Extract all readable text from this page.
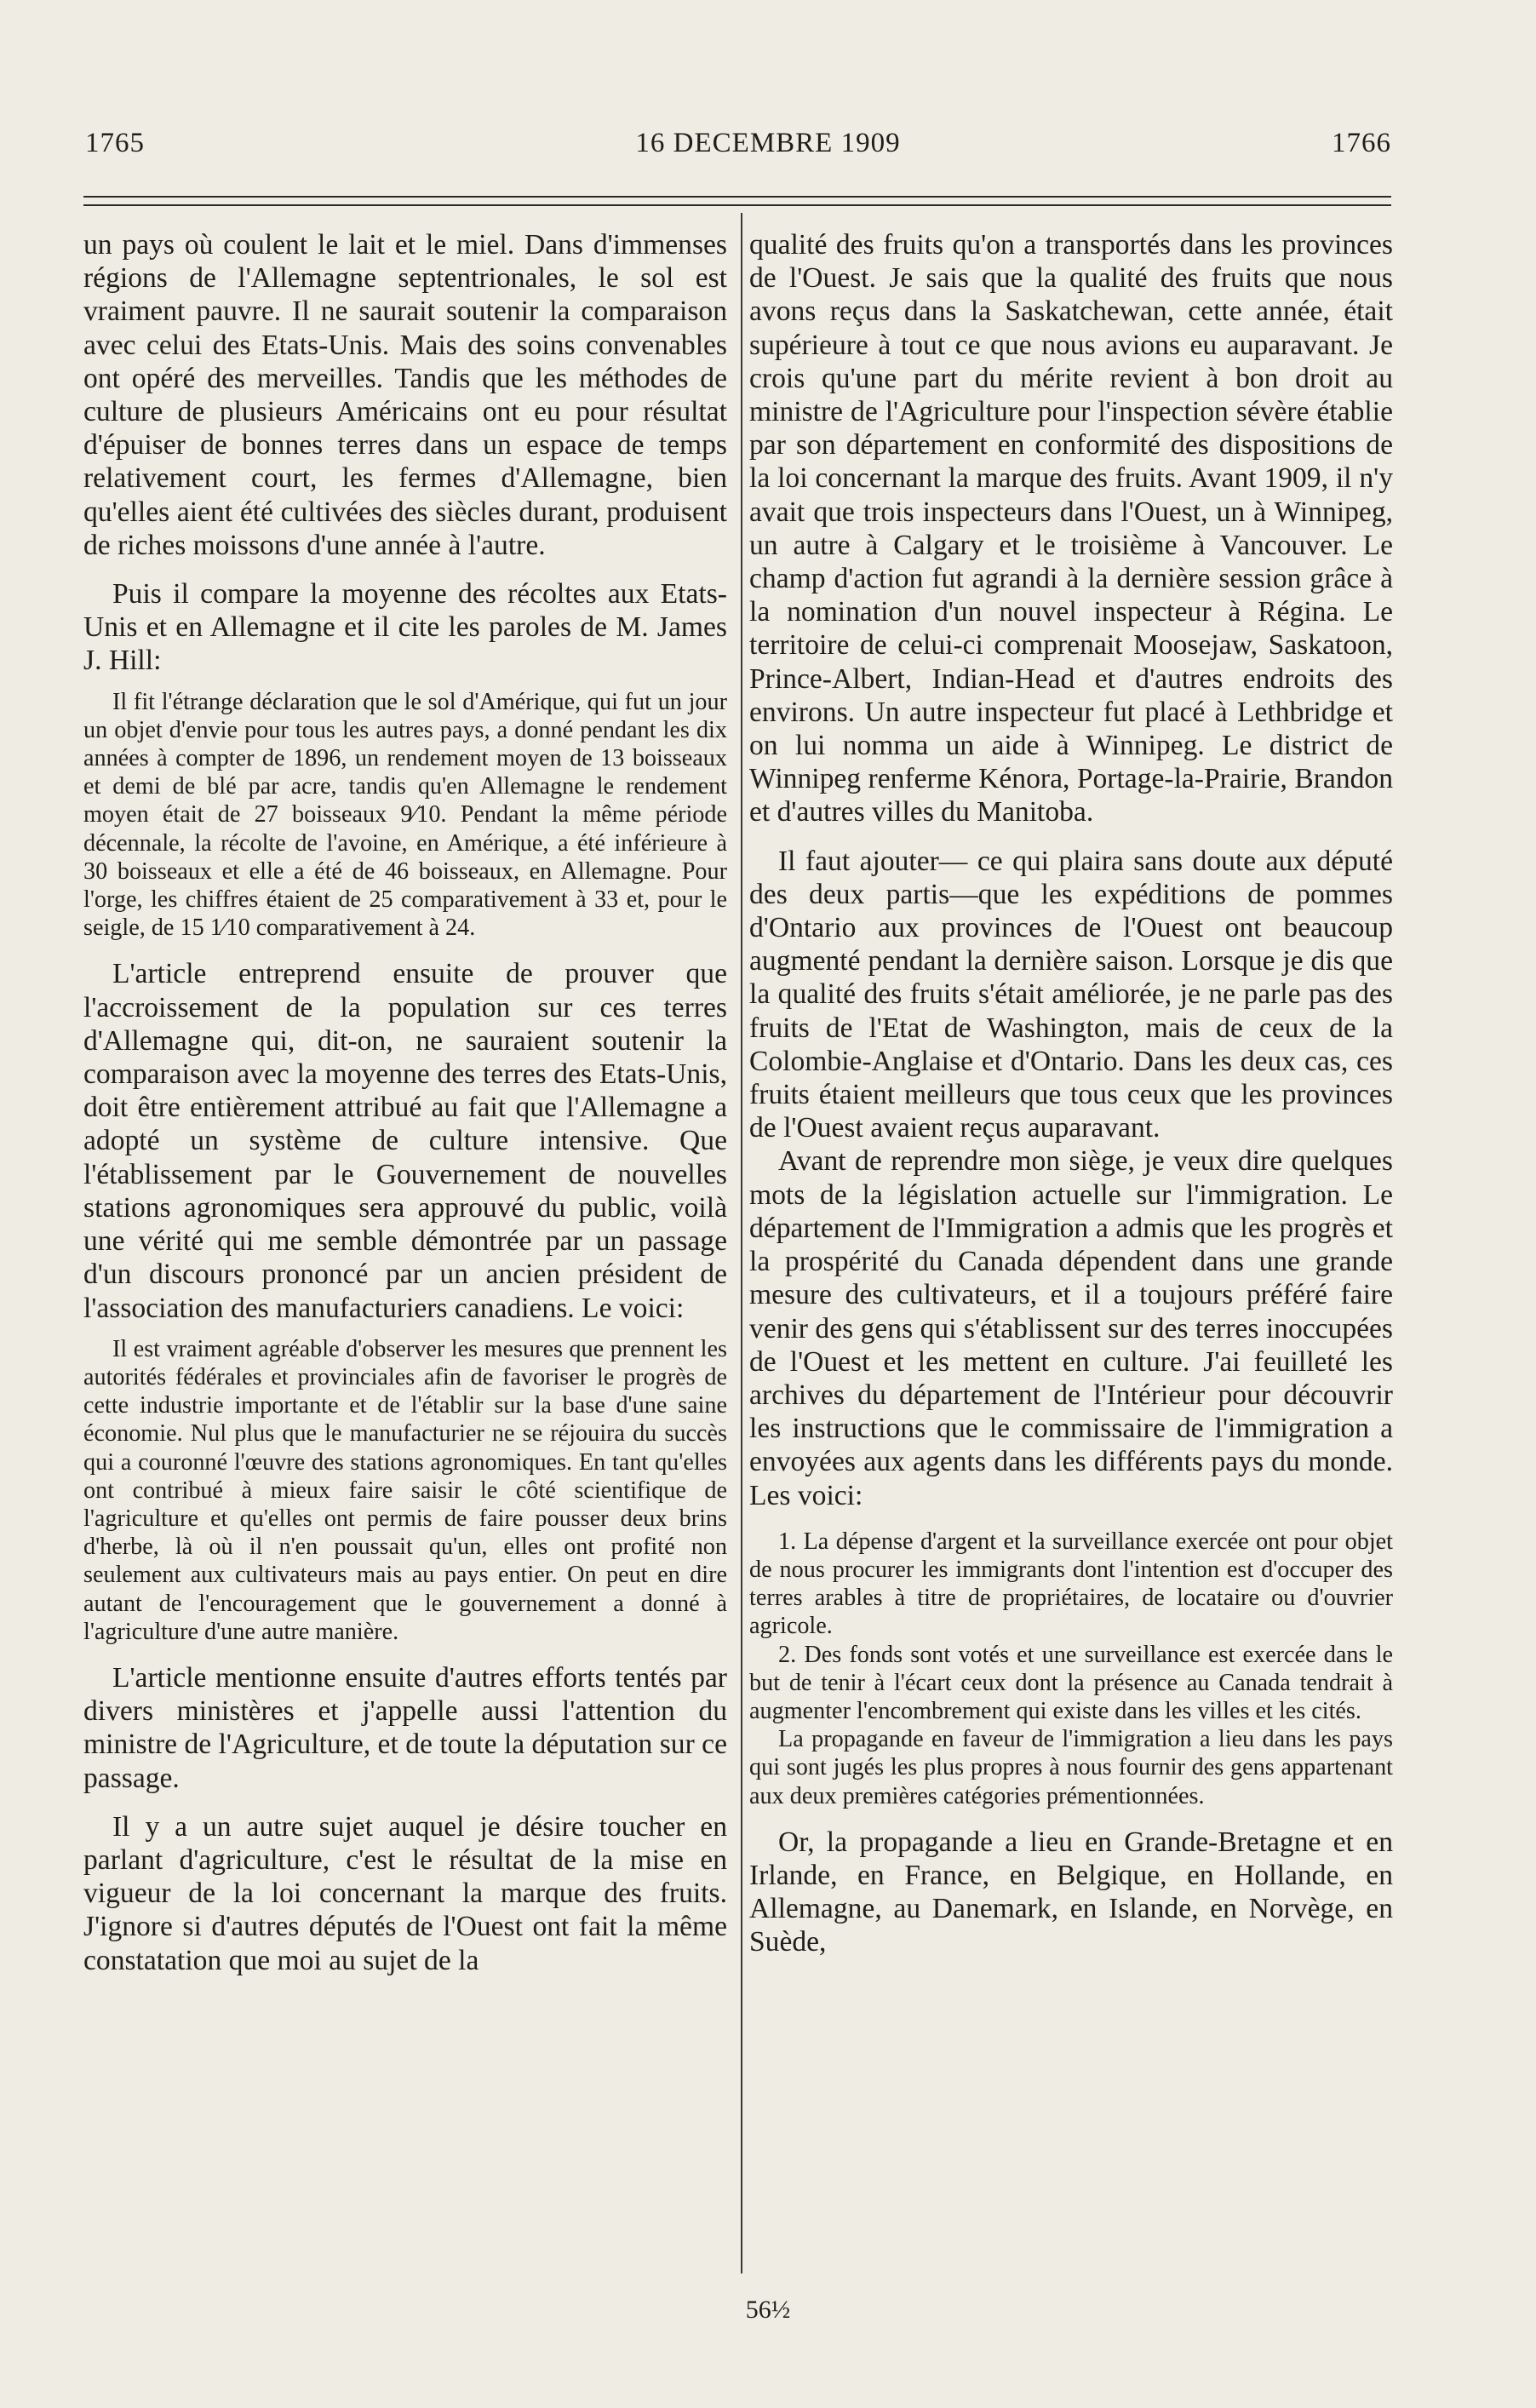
1765	16 DECEMBRE 1909	1766

un pays où coulent le lait et le miel. Dans d'immenses régions de l'Allemagne septentrionales, le sol est vraiment pauvre. Il ne saurait soutenir la comparaison avec celui des Etats-Unis. Mais des soins convenables ont opéré des merveilles. Tandis que les méthodes de culture de plusieurs Américains ont eu pour résultat d'épuiser de bonnes terres dans un espace de temps relativement court, les fermes d'Allemagne, bien qu'elles aient été cultivées des siècles durant, produisent de riches moissons d'une année à l'autre.

Puis il compare la moyenne des récoltes aux Etats-Unis et en Allemagne et il cite les paroles de M. James J. Hill:

Il fit l'étrange déclaration que le sol d'Amérique, qui fut un jour un objet d'envie pour tous les autres pays, a donné pendant les dix années à compter de 1896, un rendement moyen de 13 boisseaux et demi de blé par acre, tandis qu'en Allemagne le rendement moyen était de 27 boisseaux 9⁄10. Pendant la même période décennale, la récolte de l'avoine, en Amérique, a été inférieure à 30 boisseaux et elle a été de 46 boisseaux, en Allemagne. Pour l'orge, les chiffres étaient de 25 comparativement à 33 et, pour le seigle, de 15 1⁄10 comparativement à 24.

L'article entreprend ensuite de prouver que l'accroissement de la population sur ces terres d'Allemagne qui, dit-on, ne sauraient soutenir la comparaison avec la moyenne des terres des Etats-Unis, doit être entièrement attribué au fait que l'Allemagne a adopté un système de culture intensive. Que l'établissement par le Gouvernement de nouvelles stations agronomiques sera approuvé du public, voilà une vérité qui me semble démontrée par un passage d'un discours prononcé par un ancien président de l'association des manufacturiers canadiens. Le voici:

Il est vraiment agréable d'observer les mesures que prennent les autorités fédérales et provinciales afin de favoriser le progrès de cette industrie importante et de l'établir sur la base d'une saine économie. Nul plus que le manufacturier ne se réjouira du succès qui a couronné l'œuvre des stations agronomiques. En tant qu'elles ont contribué à mieux faire saisir le côté scientifique de l'agriculture et qu'elles ont permis de faire pousser deux brins d'herbe, là où il n'en poussait qu'un, elles ont profité non seulement aux cultivateurs mais au pays entier. On peut en dire autant de l'encouragement que le gouvernement a donné à l'agriculture d'une autre manière.

L'article mentionne ensuite d'autres efforts tentés par divers ministères et j'appelle aussi l'attention du ministre de l'Agriculture, et de toute la députation sur ce passage.

Il y a un autre sujet auquel je désire toucher en parlant d'agriculture, c'est le résultat de la mise en vigueur de la loi concernant la marque des fruits. J'ignore si d'autres députés de l'Ouest ont fait la même constatation que moi au sujet de la

qualité des fruits qu'on a transportés dans les provinces de l'Ouest. Je sais que la qualité des fruits que nous avons reçus dans la Saskatchewan, cette année, était supérieure à tout ce que nous avions eu auparavant. Je crois qu'une part du mérite revient à bon droit au ministre de l'Agriculture pour l'inspection sévère établie par son département en conformité des dispositions de la loi concernant la marque des fruits. Avant 1909, il n'y avait que trois inspecteurs dans l'Ouest, un à Winnipeg, un autre à Calgary et le troisième à Vancouver. Le champ d'action fut agrandi à la dernière session grâce à la nomination d'un nouvel inspecteur à Régina. Le territoire de celui-ci comprenait Moosejaw, Saskatoon, Prince-Albert, Indian-Head et d'autres endroits des environs. Un autre inspecteur fut placé à Lethbridge et on lui nomma un aide à Winnipeg. Le district de Winnipeg renferme Kénora, Portage-la-Prairie, Brandon et d'autres villes du Manitoba.

Il faut ajouter— ce qui plaira sans doute aux député des deux partis—que les expéditions de pommes d'Ontario aux provinces de l'Ouest ont beaucoup augmenté pendant la dernière saison. Lorsque je dis que la qualité des fruits s'était améliorée, je ne parle pas des fruits de l'Etat de Washington, mais de ceux de la Colombie-Anglaise et d'Ontario. Dans les deux cas, ces fruits étaient meilleurs que tous ceux que les provinces de l'Ouest avaient reçus auparavant.

Avant de reprendre mon siège, je veux dire quelques mots de la législation actuelle sur l'immigration. Le département de l'Immigration a admis que les progrès et la prospérité du Canada dépendent dans une grande mesure des cultivateurs, et il a toujours préféré faire venir des gens qui s'établissent sur des terres inoccupées de l'Ouest et les mettent en culture. J'ai feuilleté les archives du département de l'Intérieur pour découvrir les instructions que le commissaire de l'immigration a envoyées aux agents dans les différents pays du monde. Les voici:

1. La dépense d'argent et la surveillance exercée ont pour objet de nous procurer les immigrants dont l'intention est d'occuper des terres arables à titre de propriétaires, de locataire ou d'ouvrier agricole.

2. Des fonds sont votés et une surveillance est exercée dans le but de tenir à l'écart ceux dont la présence au Canada tendrait à augmenter l'encombrement qui existe dans les villes et les cités.

La propagande en faveur de l'immigration a lieu dans les pays qui sont jugés les plus propres à nous fournir des gens appartenant aux deux premières catégories prémentionnées.

Or, la propagande a lieu en Grande-Bretagne et en Irlande, en France, en Belgique, en Hollande, en Allemagne, au Danemark, en Islande, en Norvège, en Suède,

56½
